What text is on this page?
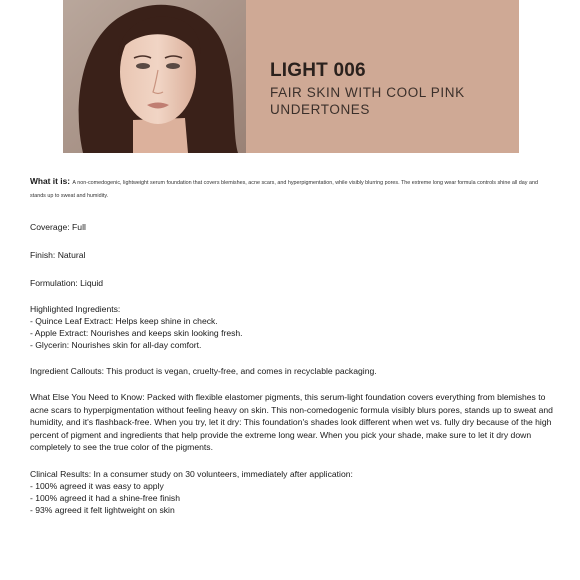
LIGHT 006
FAIR SKIN WITH COOL PINK UNDERTONES
What it is: A non-comedogenic, lightweight serum foundation that covers blemishes, acne scars, and hyperpigmentation, while visibly blurring pores. The extreme long wear formula controls shine all day and stands up to sweat and humidity.
Coverage: Full
Finish: Natural
Formulation: Liquid
Highlighted Ingredients:
- Quince Leaf Extract: Helps keep shine in check.
- Apple Extract: Nourishes and keeps skin looking fresh.
- Glycerin: Nourishes skin for all-day comfort.
Ingredient Callouts: This product is vegan, cruelty-free, and comes in recyclable packaging.
What Else You Need to Know: Packed with flexible elastomer pigments, this serum-light foundation covers everything from blemishes to acne scars to hyperpigmentation without feeling heavy on skin. This non-comedogenic formula visibly blurs pores, stands up to sweat and humidity, and it's flashback-free. When you try, let it dry: This foundation's shades look different when wet vs. fully dry because of the high percent of pigment and ingredients that help provide the extreme long wear. When you pick your shade, make sure to let it dry down completely to see the true color of the pigments.
Clinical Results: In a consumer study on 30 volunteers, immediately after application:
- 100% agreed it was easy to apply
- 100% agreed it had a shine-free finish
- 93% agreed it felt lightweight on skin
